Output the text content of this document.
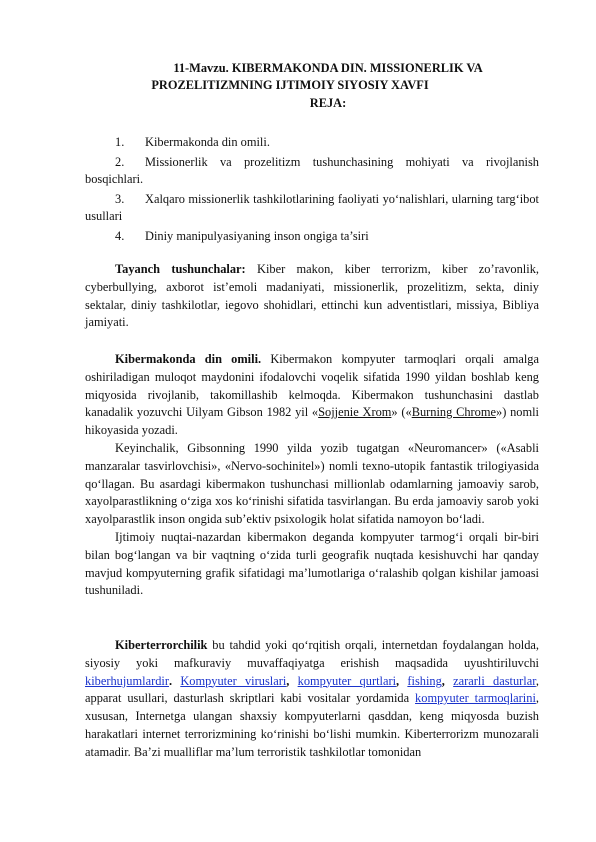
11-Mavzu. KIBERMAKONDA DIN. MISSIONERLIK VA
PROZELITIZMNING IJTIMOIY SIYOSIY XAVFI
REJA:
1.	Kibermakonda din omili.
2.	Missionerlik va prozelitizm tushunchasining mohiyati va rivojlanish bosqichlari.
3.	Xalqaro missionerlik tashkilotlarining faoliyati yo‘nalishlari, ularning targ‘ibot usullari
4.	Diniy manipulyasiyaning inson ongiga ta’siri
Tayanch tushunchalar: Kiber makon, kiber terrorizm, kiber zo’ravonlik, cyberbullying, axborot ist’emoli madaniyati, missionerlik, prozelitizm, sekta, diniy sektalar, diniy tashkilotlar, iegovo shohidlari, ettinchi kun adventistlari, missiya, Bibliya jamiyati.
Kibermakonda din omili. Kibermakon kompyuter tarmoqlari orqali amalga oshiriladigan muloqot maydonini ifodalovchi voqelik sifatida 1990 yildan boshlab keng miqyosida rivojlanib, takomillashib kelmoqda. Kibermakon tushunchasini dastlab kanadalik yozuvchi Uilyam Gibson 1982 yil «Sojjenie Xrom» («Burning Chrome») nomli hikoyasida yozadi.
Keyinchalik, Gibsonning 1990 yilda yozib tugatgan «Neuromancer» («Asabli manzaralar tasvirlovchisi», «Nervo-sochinitel») nomli texno-utopik fantastik trilogiyasida qo‘llagan. Bu asardagi kibermakon tushunchasi millionlab odamlarning jamoaviy sarob, xayolparastlikning o‘ziga xos ko‘rinishi sifatida tasvirlangan. Bu erda jamoaviy sarob yoki xayolparastlik inson ongida sub’ektiv psixologik holat sifatida namoyon bo‘ladi.
Ijtimoiy nuqtai-nazardan kibermakon deganda kompyuter tarmog‘i orqali bir-biri bilan bog‘langan va bir vaqtning o‘zida turli geografik nuqtada kesishuvchi har qanday mavjud kompyuterning grafik sifatidagi ma’lumotlariga o‘ralashib qolgan kishilar jamoasi tushuniladi.
Kiberterrorchilik bu tahdid yoki qo‘rqitish orqali, internetdan foydalangan holda, siyosiy yoki mafkuraviy muvaffaqiyatga erishish maqsadida uyushtiriluvchi kiberhujumlardir. Kompyuter viruslari, kompyuter qurtlari, fishing, zararli dasturlar, apparat usullari, dasturlash skriptlari kabi vositalar yordamida kompyuter tarmoqlarini, xususan, Internetga ulangan shaxsiy kompyuterlarni qasddan, keng miqyosda buzish harakatlari internet terrorizmining ko‘rinishi bo‘lishi mumkin. Kiberterrorizm munozarali atamadir. Ba’zi mualliflar ma’lum terroristik tashkilotlar tomonidan
